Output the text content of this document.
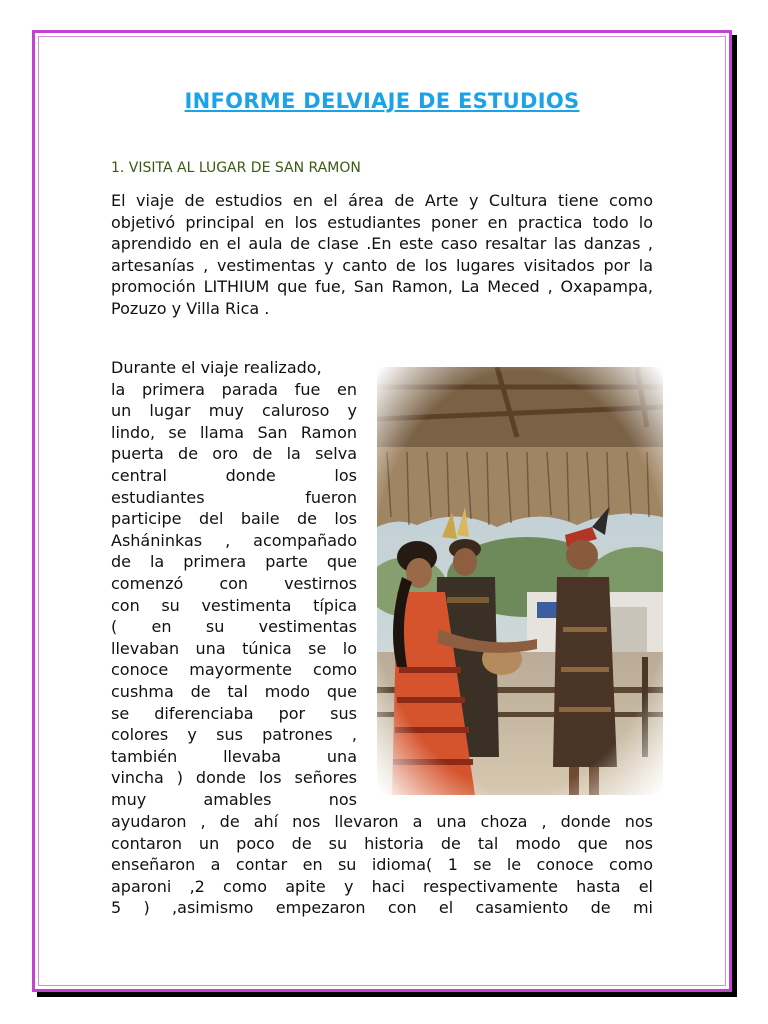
INFORME DELVIAJE DE ESTUDIOS
1. VISITA AL LUGAR DE SAN RAMON

El viaje de estudios en el área de Arte y Cultura tiene como objetivó principal en los estudiantes poner en practica todo lo aprendido en el aula de clase .En este caso resaltar las danzas , artesanías , vestimentas y canto de los lugares visitados por la promoción LITHIUM que fue, San Ramon, La Meced , Oxapampa, Pozuzo y Villa Rica .

Durante el viaje realizado,
la primera parada fue en
un lugar muy caluroso y
lindo, se llama San Ramon
puerta de oro de la selva
central donde los
estudiantes fueron
participe del baile de los
Asháninkas , acompañado
de la primera parte que
comenzó con vestirnos
con su vestimenta típica
( en su vestimentas
llevaban una túnica se lo
conoce mayormente como
cushma de tal modo que
se diferenciaba por sus
colores y sus patrones ,
también llevaba una
vincha ) donde los señores
muy amables nos
ayudaron , de ahí nos llevaron a una choza , donde nos
contaron un poco de su historia de tal modo que nos
enseñaron a contar en su idioma( 1 se le conoce como
aparoni ,2 como apite y haci respectivamente hasta el
5 ) ,asimismo empezaron con el casamiento de mi
